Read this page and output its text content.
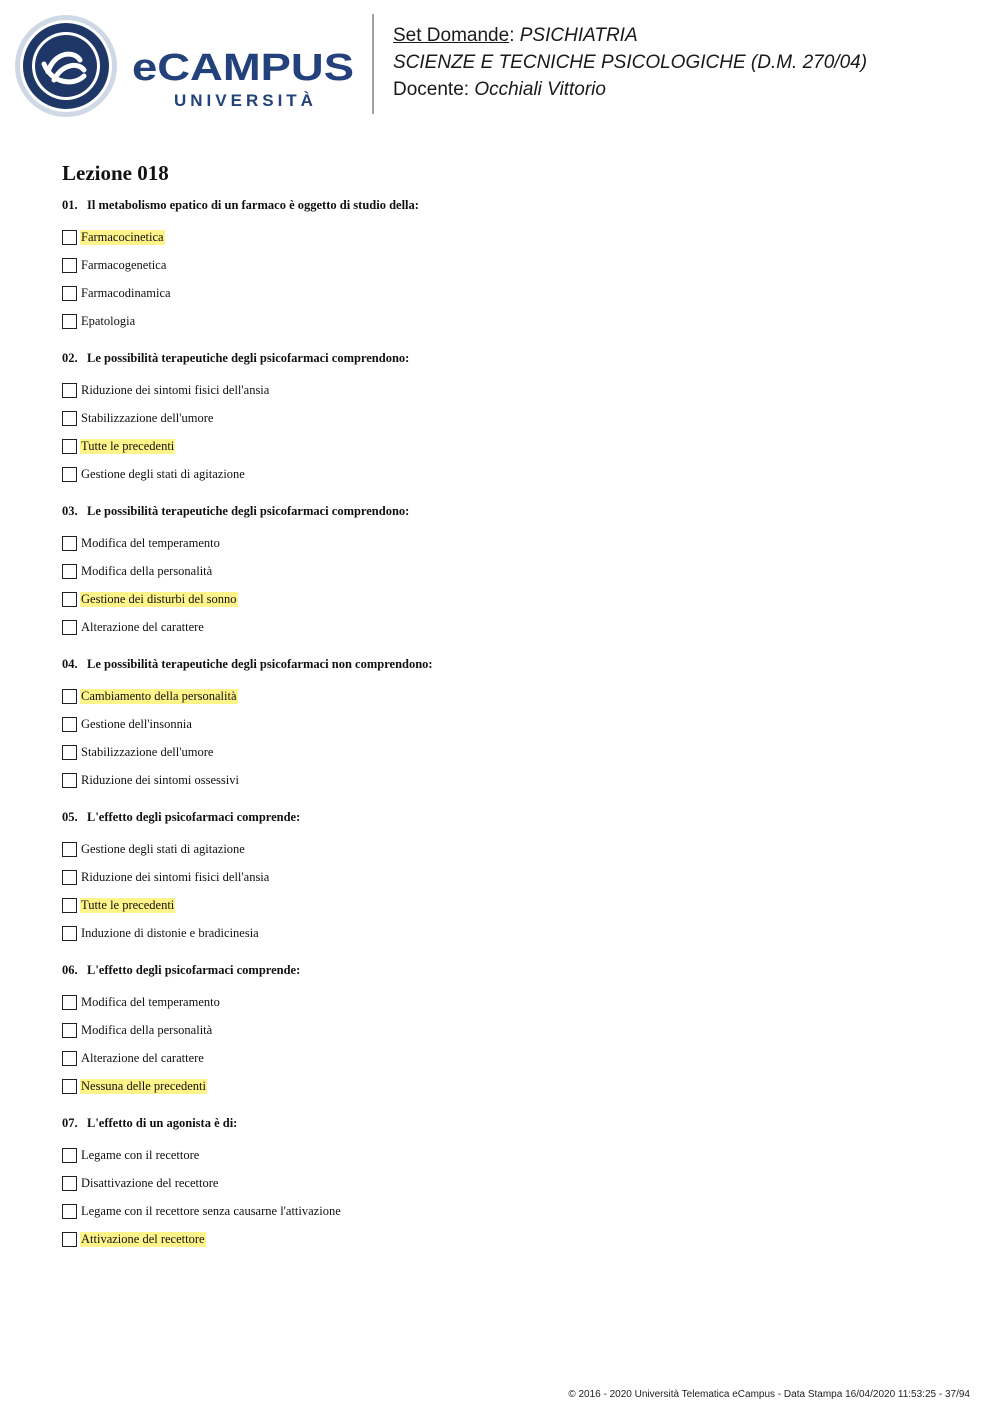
eCAMPUS
UNIVERSITÀ
Set Domande: PSICHIATRIA
SCIENZE E TECNICHE PSICOLOGICHE (D.M. 270/04)
Docente: Occhiali Vittorio
Lezione 018
01. Il metabolismo epatico di un farmaco è oggetto di studio della:
Farmacocinetica
Farmacogenetica
Farmacodinamica
Epatologia
02. Le possibilità terapeutiche degli psicofarmaci comprendono:
Riduzione dei sintomi fisici dell'ansia
Stabilizzazione dell'umore
Tutte le precedenti
Gestione degli stati di agitazione
03. Le possibilità terapeutiche degli psicofarmaci comprendono:
Modifica del temperamento
Modifica della personalità
Gestione dei disturbi del sonno
Alterazione del carattere
04. Le possibilità terapeutiche degli psicofarmaci non comprendono:
Cambiamento della personalità
Gestione dell'insonnia
Stabilizzazione dell'umore
Riduzione dei sintomi ossessivi
05. L'effetto degli psicofarmaci comprende:
Gestione degli stati di agitazione
Riduzione dei sintomi fisici dell'ansia
Tutte le precedenti
Induzione di distonie e bradicinesia
06. L'effetto degli psicofarmaci comprende:
Modifica del temperamento
Modifica della personalità
Alterazione del carattere
Nessuna delle precedenti
07. L'effetto di un agonista è di:
Legame con il recettore
Disattivazione del recettore
Legame con il recettore senza causarne l'attivazione
Attivazione del recettore
© 2016 - 2020 Università Telematica eCampus - Data Stampa 16/04/2020 11:53:25 - 37/94
